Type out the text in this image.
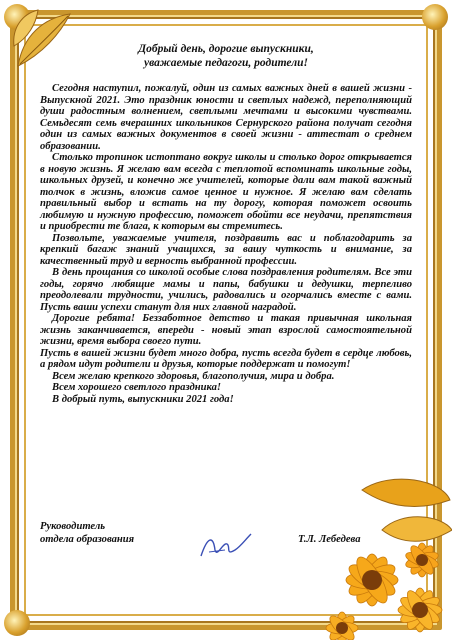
Добрый день, дорогие выпускники,
уважаемые педагоги, родители!

Сегодня наступил, пожалуй, один из самых важных дней в вашей жизни - Выпускной 2021. Это праздник юности и светлых надежд, переполняющий души радостным волнением, светлыми мечтами и высокими чувствами. Семьдесят семь вчерашних школьников Сернурского района получат сегодня один из самых важных документов в своей жизни - аттестат о среднем образовании.

Столько тропинок истоптано вокруг школы и столько дорог открывается в новую жизнь. Я желаю вам всегда с теплотой вспоминать школьные годы, школьных друзей, и конечно же учителей, которые дали вам такой важный толчок в жизнь, вложив самое ценное и нужное. Я желаю вам сделать правильный выбор и встать на ту дорогу, которая поможет освоить любимую и нужную профессию, поможет обойти все неудачи, препятствия и приобрести те блага, к которым вы стремитесь.

Позвольте, уважаемые учителя, поздравить вас и поблагодарить за крепкий багаж знаний учащихся, за вашу чуткость и внимание, за качественный труд и верность выбранной профессии.

В день прощания со школой особые слова поздравления родителям. Все эти годы, горячо любящие мамы и папы, бабушки и дедушки, терпеливо преодолевали трудности, учились, радовались и огорчались вместе с вами. Пусть ваши успехи станут для них главной наградой.

Дорогие ребята! Беззаботное детство и такая привычная школьная жизнь заканчивается, впереди - новый этап взрослой самостоятельной жизни, время выбора своего пути.

Пусть в вашей жизни будет много добра, пусть всегда будет в сердце любовь, а рядом идут родители и друзья, которые поддержат и помогут!

Всем желаю крепкого здоровья, благополучия, мира и добра.

Всем хорошего светлого праздника!

В добрый путь, выпускники 2021 года!

Руководитель
отдела образования	Т.Л. Лебедева
